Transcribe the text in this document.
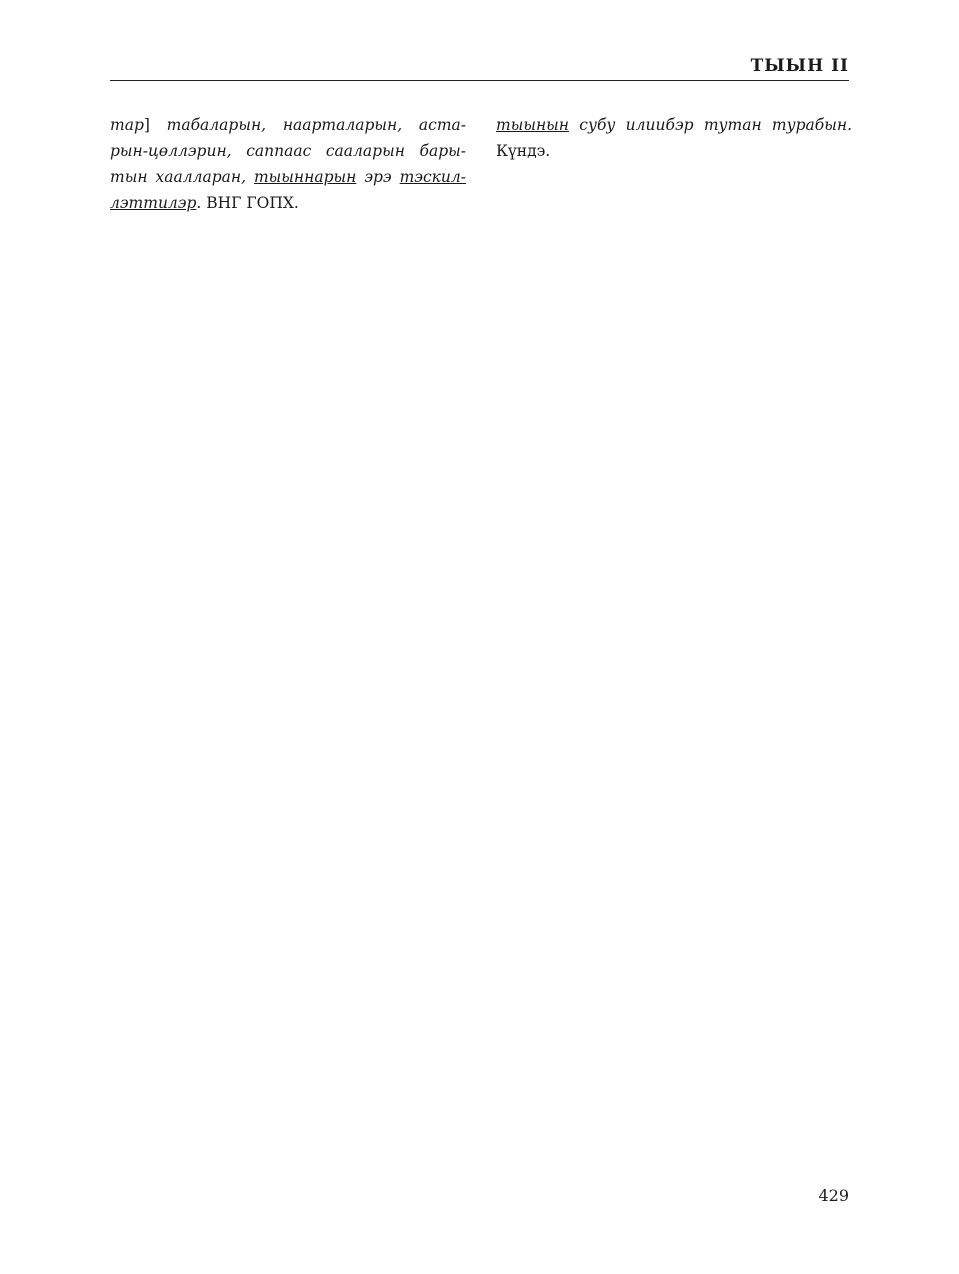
ТЫЫН II

тар] табаларын, наарталарын, аста-рын-цөллэрин, саппаас сааларын бары-тын хаалларан, тыыннарын эрэ тэскил-лэттилэр. ВНГ ГОПХ.

тыынын субу илиибэр тутан турабын. Күндэ.

429
